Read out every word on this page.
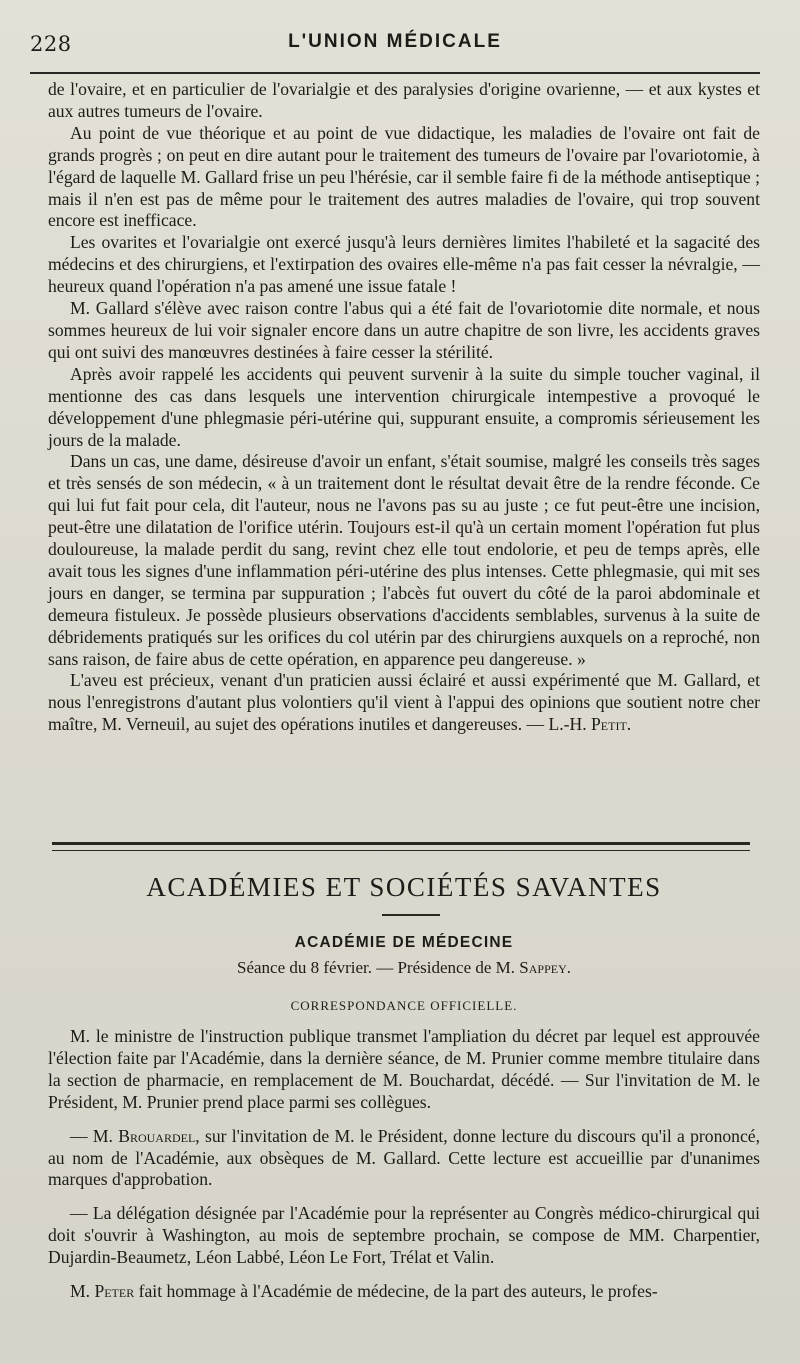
228	L'UNION MÉDICALE

de l'ovaire, et en particulier de l'ovarialgie et des paralysies d'origine ovarienne, — et aux kystes et aux autres tumeurs de l'ovaire.

Au point de vue théorique et au point de vue didactique, les maladies de l'ovaire ont fait de grands progrès ; on peut en dire autant pour le traitement des tumeurs de l'ovaire par l'ovariotomie, à l'égard de laquelle M. Gallard frise un peu l'hérésie, car il semble faire fi de la méthode antiseptique ; mais il n'en est pas de même pour le traitement des autres maladies de l'ovaire, qui trop souvent encore est inefficace.

Les ovarites et l'ovarialgie ont exercé jusqu'à leurs dernières limites l'habileté et la sagacité des médecins et des chirurgiens, et l'extirpation des ovaires elle-même n'a pas fait cesser la névralgie, — heureux quand l'opération n'a pas amené une issue fatale !

M. Gallard s'élève avec raison contre l'abus qui a été fait de l'ovariotomie dite normale, et nous sommes heureux de lui voir signaler encore dans un autre chapitre de son livre, les accidents graves qui ont suivi des manœuvres destinées à faire cesser la stérilité.

Après avoir rappelé les accidents qui peuvent survenir à la suite du simple toucher vaginal, il mentionne des cas dans lesquels une intervention chirurgicale intempestive a provoqué le développement d'une phlegmasie péri-utérine qui, suppurant ensuite, a compromis sérieusement les jours de la malade.

Dans un cas, une dame, désireuse d'avoir un enfant, s'était soumise, malgré les conseils très sages et très sensés de son médecin, « à un traitement dont le résultat devait être de la rendre féconde. Ce qui lui fut fait pour cela, dit l'auteur, nous ne l'avons pas su au juste ; ce fut peut-être une incision, peut-être une dilatation de l'orifice utérin. Toujours est-il qu'à un certain moment l'opération fut plus douloureuse, la malade perdit du sang, revint chez elle tout endolorie, et peu de temps après, elle avait tous les signes d'une inflammation péri-utérine des plus intenses. Cette phlegmasie, qui mit ses jours en danger, se termina par suppuration ; l'abcès fut ouvert du côté de la paroi abdominale et demeura fistuleux. Je possède plusieurs observations d'accidents semblables, survenus à la suite de débridements pratiqués sur les orifices du col utérin par des chirurgiens auxquels on a reproché, non sans raison, de faire abus de cette opération, en apparence peu dangereuse. »

L'aveu est précieux, venant d'un praticien aussi éclairé et aussi expérimenté que M. Gallard, et nous l'enregistrons d'autant plus volontiers qu'il vient à l'appui des opinions que soutient notre cher maître, M. Verneuil, au sujet des opérations inutiles et dangereuses. — L.-H. Petit.

ACADÉMIES ET SOCIÉTÉS SAVANTES
ACADÉMIE DE MÉDECINE
Séance du 8 février. — Présidence de M. Sappey.
CORRESPONDANCE OFFICIELLE.

M. le ministre de l'instruction publique transmet l'ampliation du décret par lequel est approuvée l'élection faite par l'Académie, dans la dernière séance, de M. Prunier comme membre titulaire dans la section de pharmacie, en remplacement de M. Bouchardat, décédé. — Sur l'invitation de M. le Président, M. Prunier prend place parmi ses collègues.

— M. Brouardel, sur l'invitation de M. le Président, donne lecture du discours qu'il a prononcé, au nom de l'Académie, aux obsèques de M. Gallard. Cette lecture est accueillie par d'unanimes marques d'approbation.

— La délégation désignée par l'Académie pour la représenter au Congrès médico-chirurgical qui doit s'ouvrir à Washington, au mois de septembre prochain, se compose de MM. Charpentier, Dujardin-Beaumetz, Léon Labbé, Léon Le Fort, Trélat et Valin.

M. Peter fait hommage à l'Académie de médecine, de la part des auteurs, le profes-
